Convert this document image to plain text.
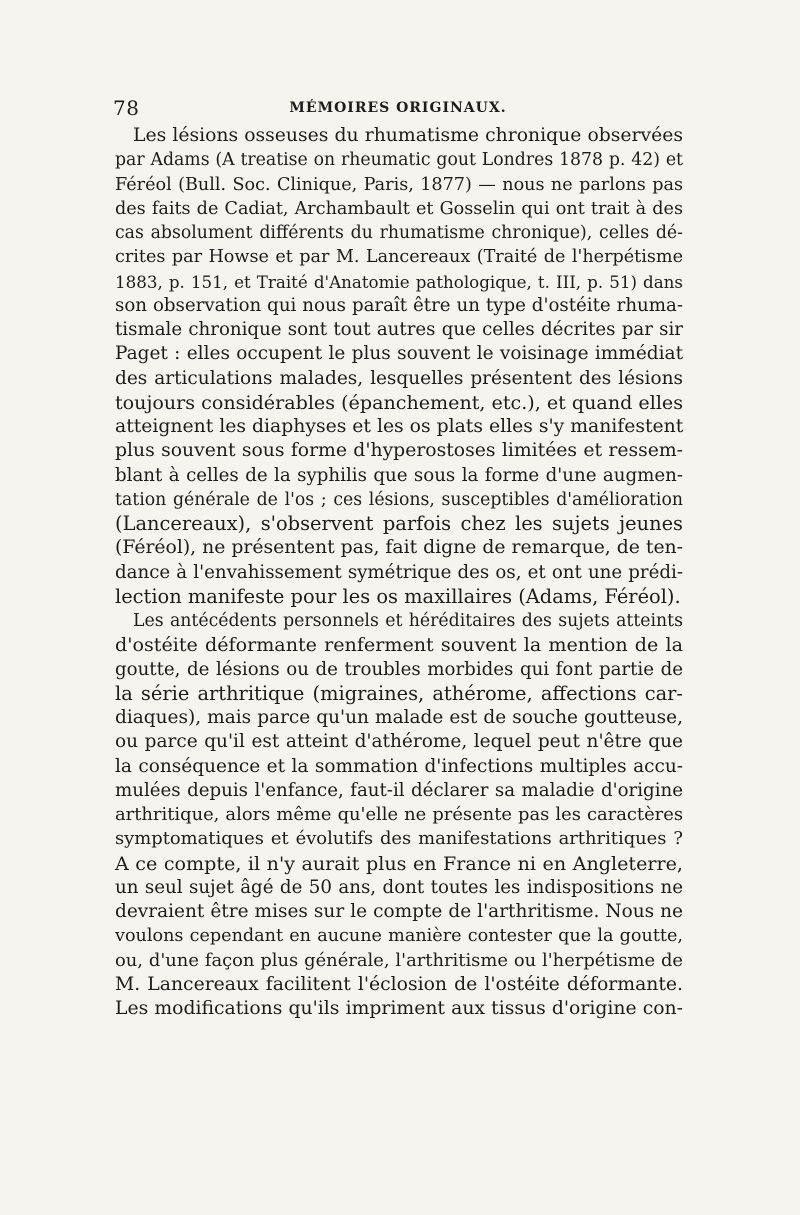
78	MÉMOIRES ORIGINAUX.
Les lésions osseuses du rhumatisme chronique observées
par Adams (A treatise on rheumatic gout Londres 1878 p. 42) et
Féréol (Bull. Soc. Clinique, Paris, 1877) — nous ne parlons pas
des faits de Cadiat, Archambault et Gosselin qui ont trait à des
cas absolument différents du rhumatisme chronique), celles dé-
crites par Howse et par M. Lancereaux (Traité de l'herpétisme
1883, p. 151, et Traité d'Anatomie pathologique, t. III, p. 51) dans
son observation qui nous paraît être un type d'ostéite rhuma-
tismale chronique sont tout autres que celles décrites par sir
Paget : elles occupent le plus souvent le voisinage immédiat
des articulations malades, lesquelles présentent des lésions
toujours considérables (épanchement, etc.), et quand elles
atteignent les diaphyses et les os plats elles s'y manifestent
plus souvent sous forme d'hyperostoses limitées et ressem-
blant à celles de la syphilis que sous la forme d'une augmen-
tation générale de l'os ; ces lésions, susceptibles d'amélioration
(Lancereaux), s'observent parfois chez les sujets jeunes
(Féréol), ne présentent pas, fait digne de remarque, de ten-
dance à l'envahissement symétrique des os, et ont une prédi-
lection manifeste pour les os maxillaires (Adams, Féréol).
Les antécédents personnels et héréditaires des sujets atteints
d'ostéite déformante renferment souvent la mention de la
goutte, de lésions ou de troubles morbides qui font partie de
la série arthritique (migraines, athérome, affections car-
diaques), mais parce qu'un malade est de souche goutteuse,
ou parce qu'il est atteint d'athérome, lequel peut n'être que
la conséquence et la sommation d'infections multiples accu-
mulées depuis l'enfance, faut-il déclarer sa maladie d'origine
arthritique, alors même qu'elle ne présente pas les caractères
symptomatiques et évolutifs des manifestations arthritiques ?
A ce compte, il n'y aurait plus en France ni en Angleterre,
un seul sujet âgé de 50 ans, dont toutes les indispositions ne
devraient être mises sur le compte de l'arthritisme. Nous ne
voulons cependant en aucune manière contester que la goutte,
ou, d'une façon plus générale, l'arthritisme ou l'herpétisme de
M. Lancereaux facilitent l'éclosion de l'ostéite déformante.
Les modifications qu'ils impriment aux tissus d'origine con-
